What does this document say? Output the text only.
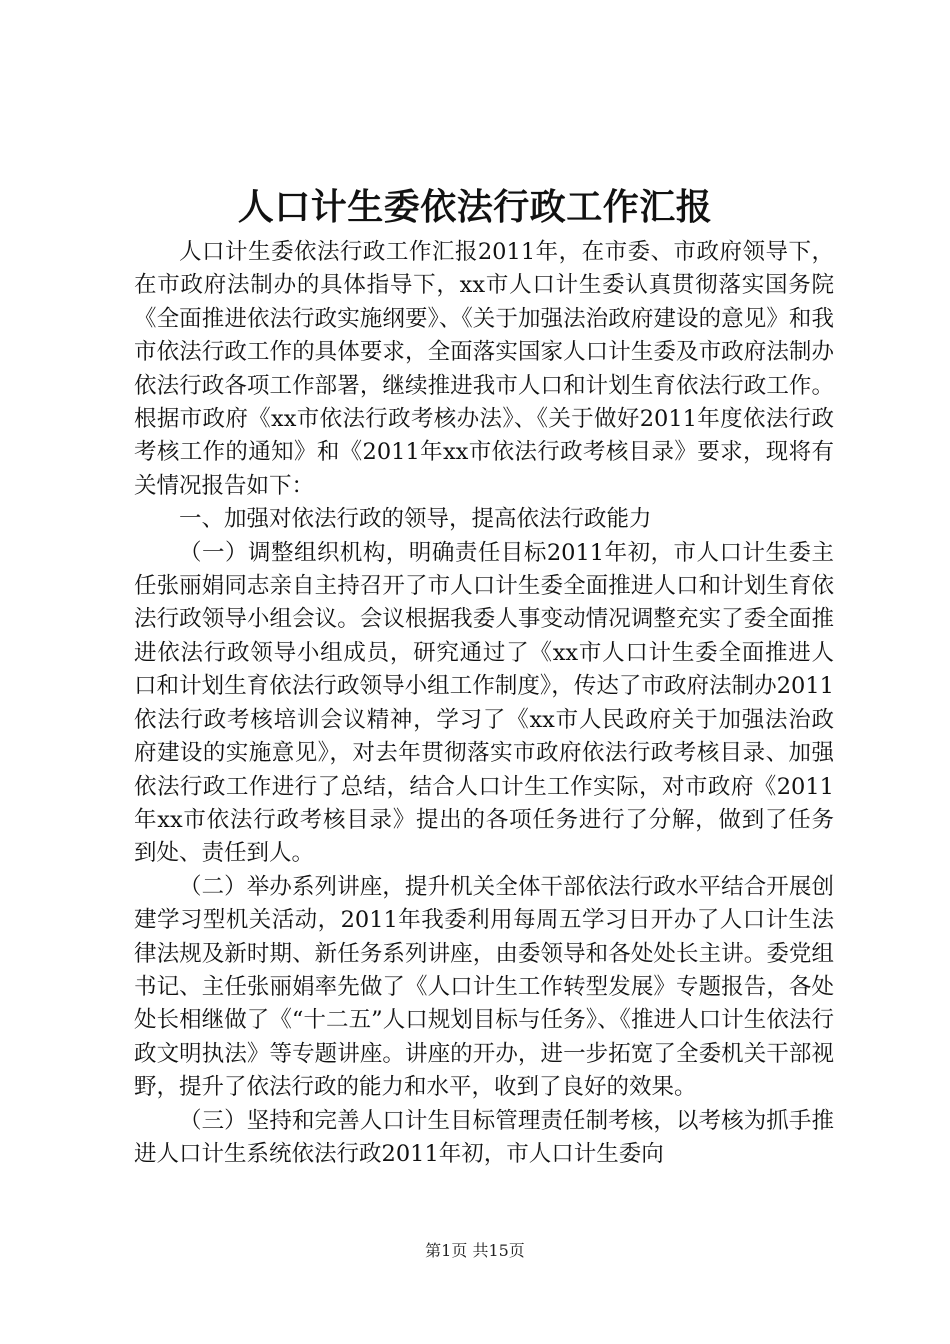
人口计生委依法行政工作汇报

人口计生委依法行政工作汇报2011年，在市委、市政府领导下，在市政府法制办的具体指导下，xx市人口计生委认真贯彻落实国务院《全面推进依法行政实施纲要》、《关于加强法治政府建设的意见》和我市依法行政工作的具体要求，全面落实国家人口计生委及市政府法制办依法行政各项工作部署，继续推进我市人口和计划生育依法行政工作。根据市政府《xx市依法行政考核办法》、《关于做好2011年度依法行政考核工作的通知》和《2011年xx市依法行政考核目录》要求，现将有关情况报告如下：

一、加强对依法行政的领导，提高依法行政能力

（一）调整组织机构，明确责任目标2011年初，市人口计生委主任张丽娟同志亲自主持召开了市人口计生委全面推进人口和计划生育依法行政领导小组会议。会议根据我委人事变动情况调整充实了委全面推进依法行政领导小组成员，研究通过了《xx市人口计生委全面推进人口和计划生育依法行政领导小组工作制度》，传达了市政府法制办2011依法行政考核培训会议精神，学习了《xx市人民政府关于加强法治政府建设的实施意见》，对去年贯彻落实市政府依法行政考核目录、加强依法行政工作进行了总结，结合人口计生工作实际，对市政府《2011年xx市依法行政考核目录》提出的各项任务进行了分解，做到了任务到处、责任到人。

（二）举办系列讲座，提升机关全体干部依法行政水平结合开展创建学习型机关活动，2011年我委利用每周五学习日开办了人口计生法律法规及新时期、新任务系列讲座，由委领导和各处处长主讲。委党组书记、主任张丽娟率先做了《人口计生工作转型发展》专题报告，各处处长相继做了《“十二五”人口规划目标与任务》、《推进人口计生依法行政文明执法》等专题讲座。讲座的开办，进一步拓宽了全委机关干部视野，提升了依法行政的能力和水平，收到了良好的效果。

（三）坚持和完善人口计生目标管理责任制考核，以考核为抓手推进人口计生系统依法行政2011年初，市人口计生委向

第1页 共15页
